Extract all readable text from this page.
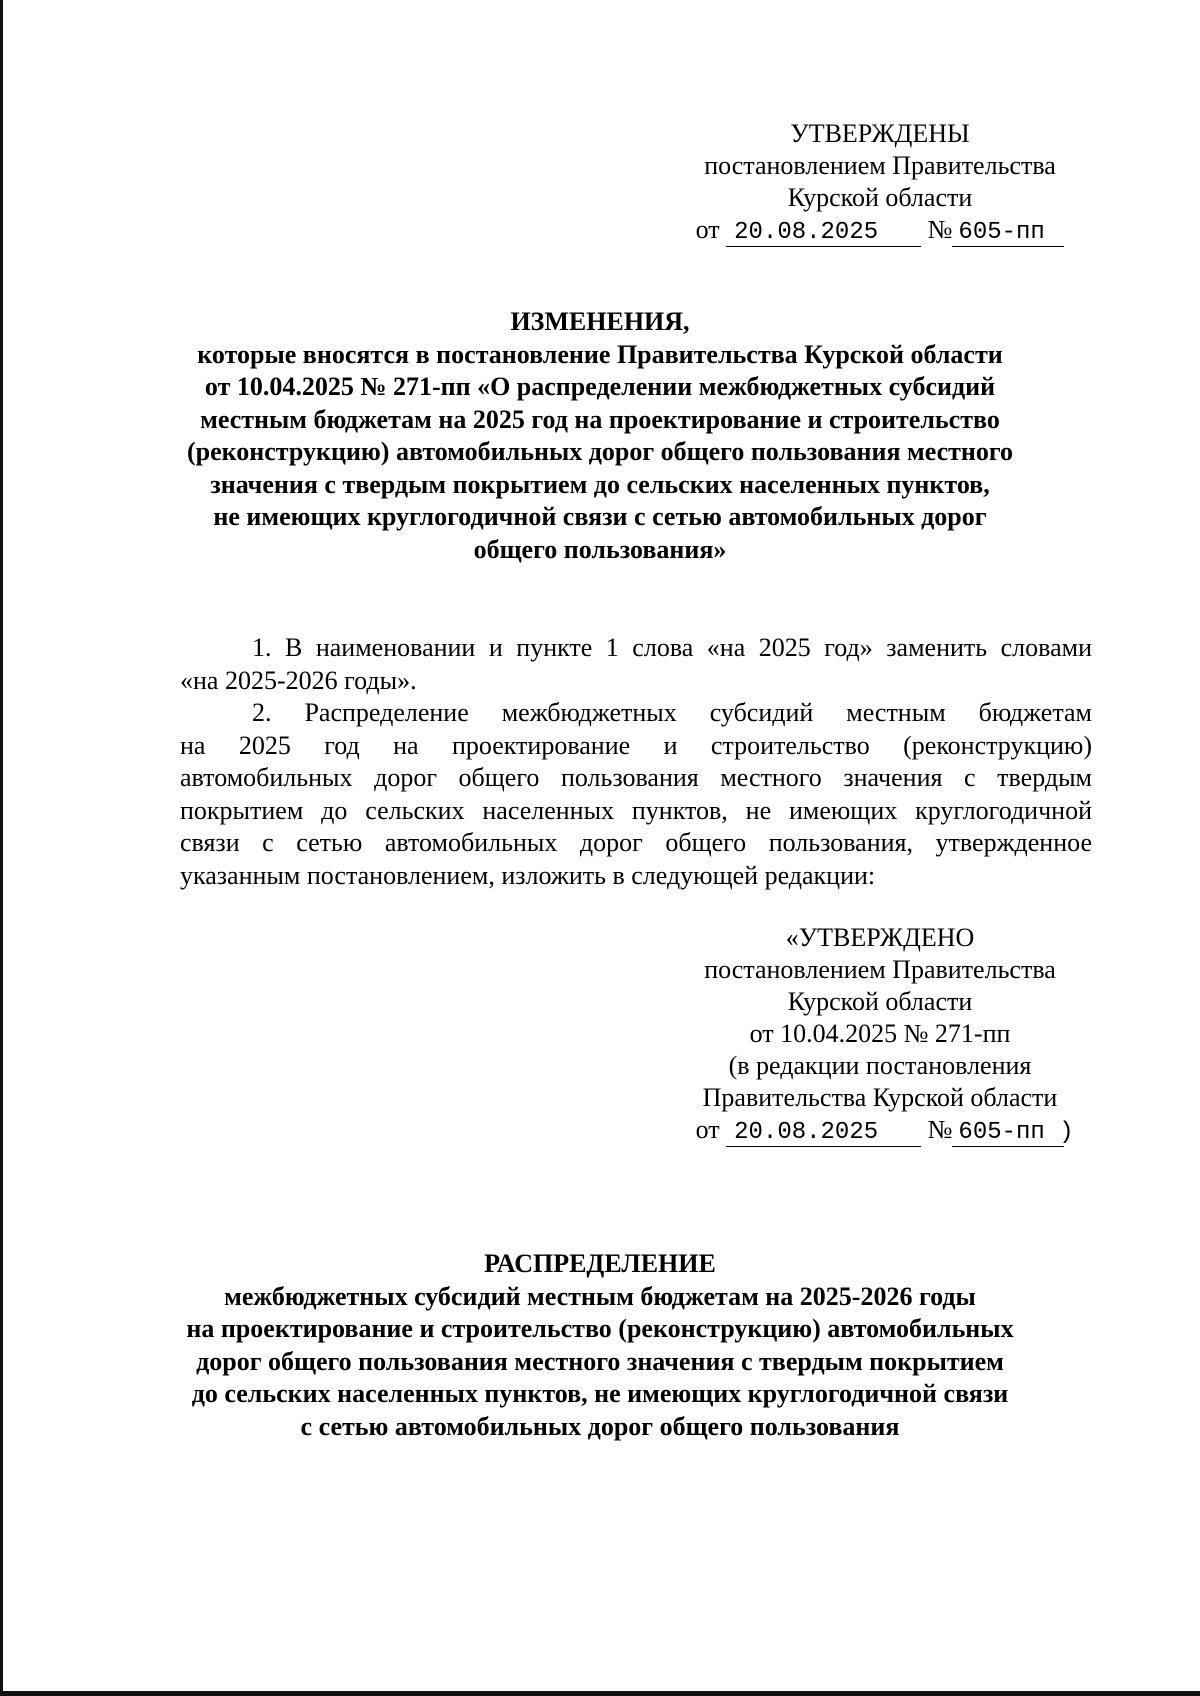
УТВЕРЖДЕНЫ
постановлением Правительства
Курской области
от 20.08.2025 № 605-пп
ИЗМЕНЕНИЯ,
которые вносятся в постановление Правительства Курской области
от 10.04.2025 № 271-пп «О распределении межбюджетных субсидий
местным бюджетам на 2025 год на проектирование и строительство
(реконструкцию) автомобильных дорог общего пользования местного
значения с твердым покрытием до сельских населенных пунктов,
не имеющих круглогодичной связи с сетью автомобильных дорог
общего пользования»

1. В наименовании и пункте 1 слова «на 2025 год» заменить словами
«на 2025-2026 годы».

2. Распределение межбюджетных субсидий местным бюджетам
на 2025 год на проектирование и строительство (реконструкцию)
автомобильных дорог общего пользования местного значения с твердым
покрытием до сельских населенных пунктов, не имеющих круглогодичной
связи с сетью автомобильных дорог общего пользования, утвержденное
указанным постановлением, изложить в следующей редакции:

«УТВЕРЖДЕНО
постановлением Правительства
Курской области
от 10.04.2025 № 271-пп
(в редакции постановления
Правительства Курской области
от 20.08.2025 № 605-пп )
РАСПРЕДЕЛЕНИЕ
межбюджетных субсидий местным бюджетам на 2025-2026 годы
на проектирование и строительство (реконструкцию) автомобильных
дорог общего пользования местного значения с твердым покрытием
до сельских населенных пунктов, не имеющих круглогодичной связи
с сетью автомобильных дорог общего пользования
